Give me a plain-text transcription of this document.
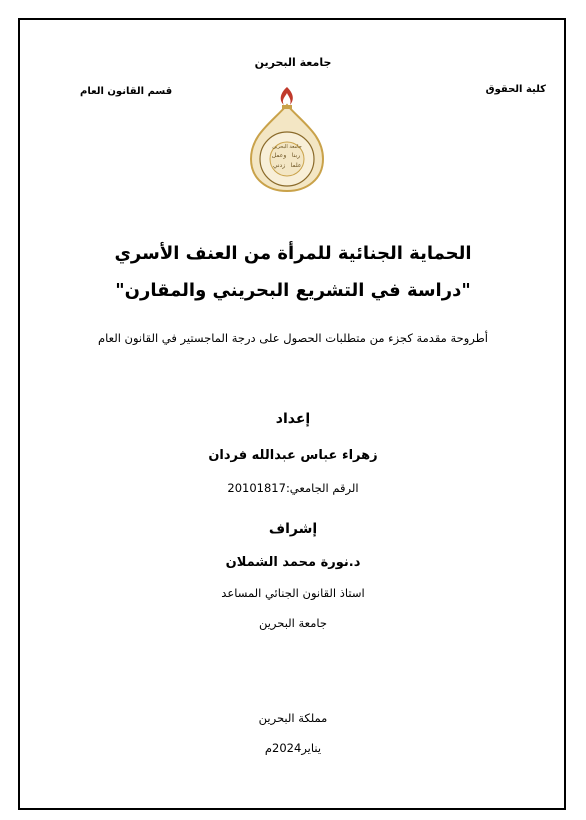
جامعة البحرين
كلية الحقوق
قسم القانون العام
جامعة البحرين
وعمل ربنا
زدني علما
الحماية الجنائية للمرأة من العنف الأسري
"دراسة في التشريع البحريني والمقارن"
أطروحة مقدمة كجزء من متطلبات الحصول على درجة الماجستير في القانون العام
إعداد
زهراء عباس عبدالله فردان
الرقم الجامعي:20101817
إشراف
د.نورة محمد الشملان
استاذ القانون الجنائي المساعد
جامعة البحرين
مملكة البحرين
يناير2024م
